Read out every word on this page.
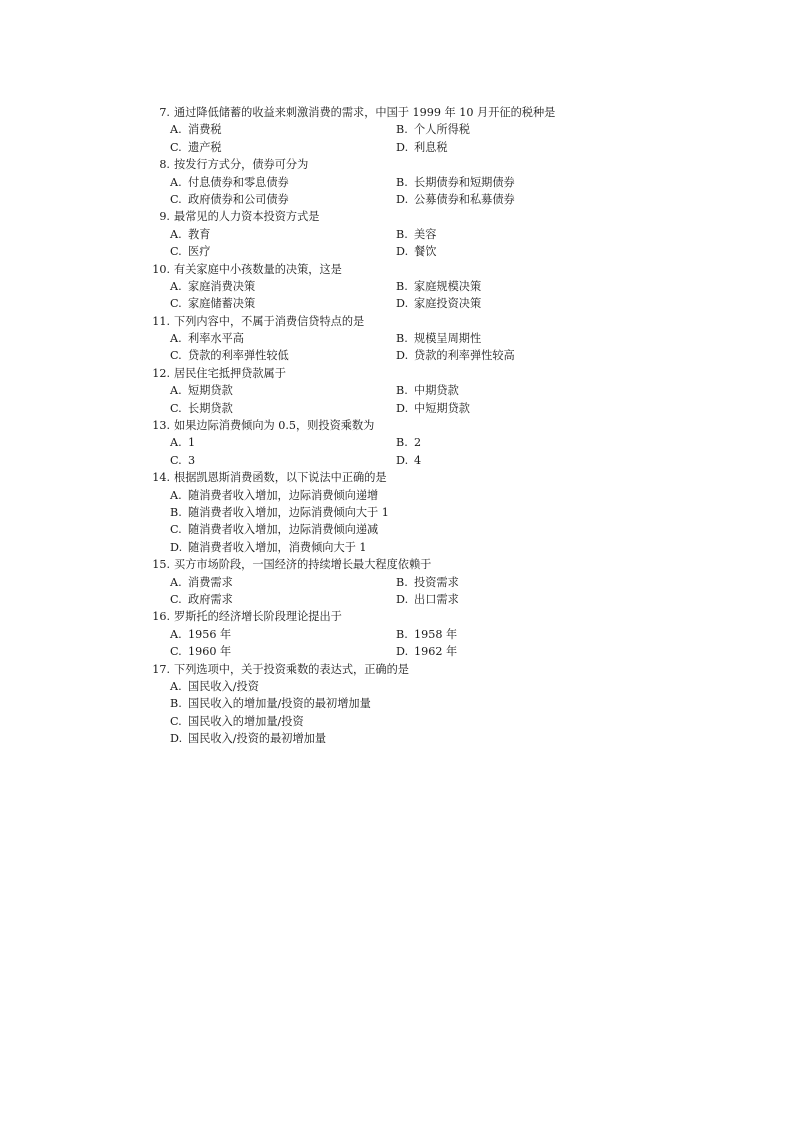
7. 通过降低储蓄的收益来刺激消费的需求，中国于 1999 年 10 月开征的税种是
A. 消费税	B. 个人所得税
C. 遗产税	D. 利息税
8. 按发行方式分，债券可分为
A. 付息债券和零息债券	B. 长期债券和短期债券
C. 政府债券和公司债券	D. 公募债券和私募债券
9. 最常见的人力资本投资方式是
A. 教育	B. 美容
C. 医疗	D. 餐饮
10. 有关家庭中小孩数量的决策，这是
A. 家庭消费决策	B. 家庭规模决策
C. 家庭储蓄决策	D. 家庭投资决策
11. 下列内容中，不属于消费信贷特点的是
A. 利率水平高	B. 规模呈周期性
C. 贷款的利率弹性较低	D. 贷款的利率弹性较高
12. 居民住宅抵押贷款属于
A. 短期贷款	B. 中期贷款
C. 长期贷款	D. 中短期贷款
13. 如果边际消费倾向为 0.5，则投资乘数为
A. 1	B. 2
C. 3	D. 4
14. 根据凯恩斯消费函数，以下说法中正确的是
A. 随消费者收入增加，边际消费倾向递增
B. 随消费者收入增加，边际消费倾向大于 1
C. 随消费者收入增加，边际消费倾向递减
D. 随消费者收入增加，消费倾向大于 1
15. 买方市场阶段，一国经济的持续增长最大程度依赖于
A. 消费需求	B. 投资需求
C. 政府需求	D. 出口需求
16. 罗斯托的经济增长阶段理论提出于
A. 1956 年	B. 1958 年
C. 1960 年	D. 1962 年
17. 下列选项中，关于投资乘数的表达式，正确的是
A. 国民收入/投资
B. 国民收入的增加量/投资的最初增加量
C. 国民收入的增加量/投资
D. 国民收入/投资的最初增加量
